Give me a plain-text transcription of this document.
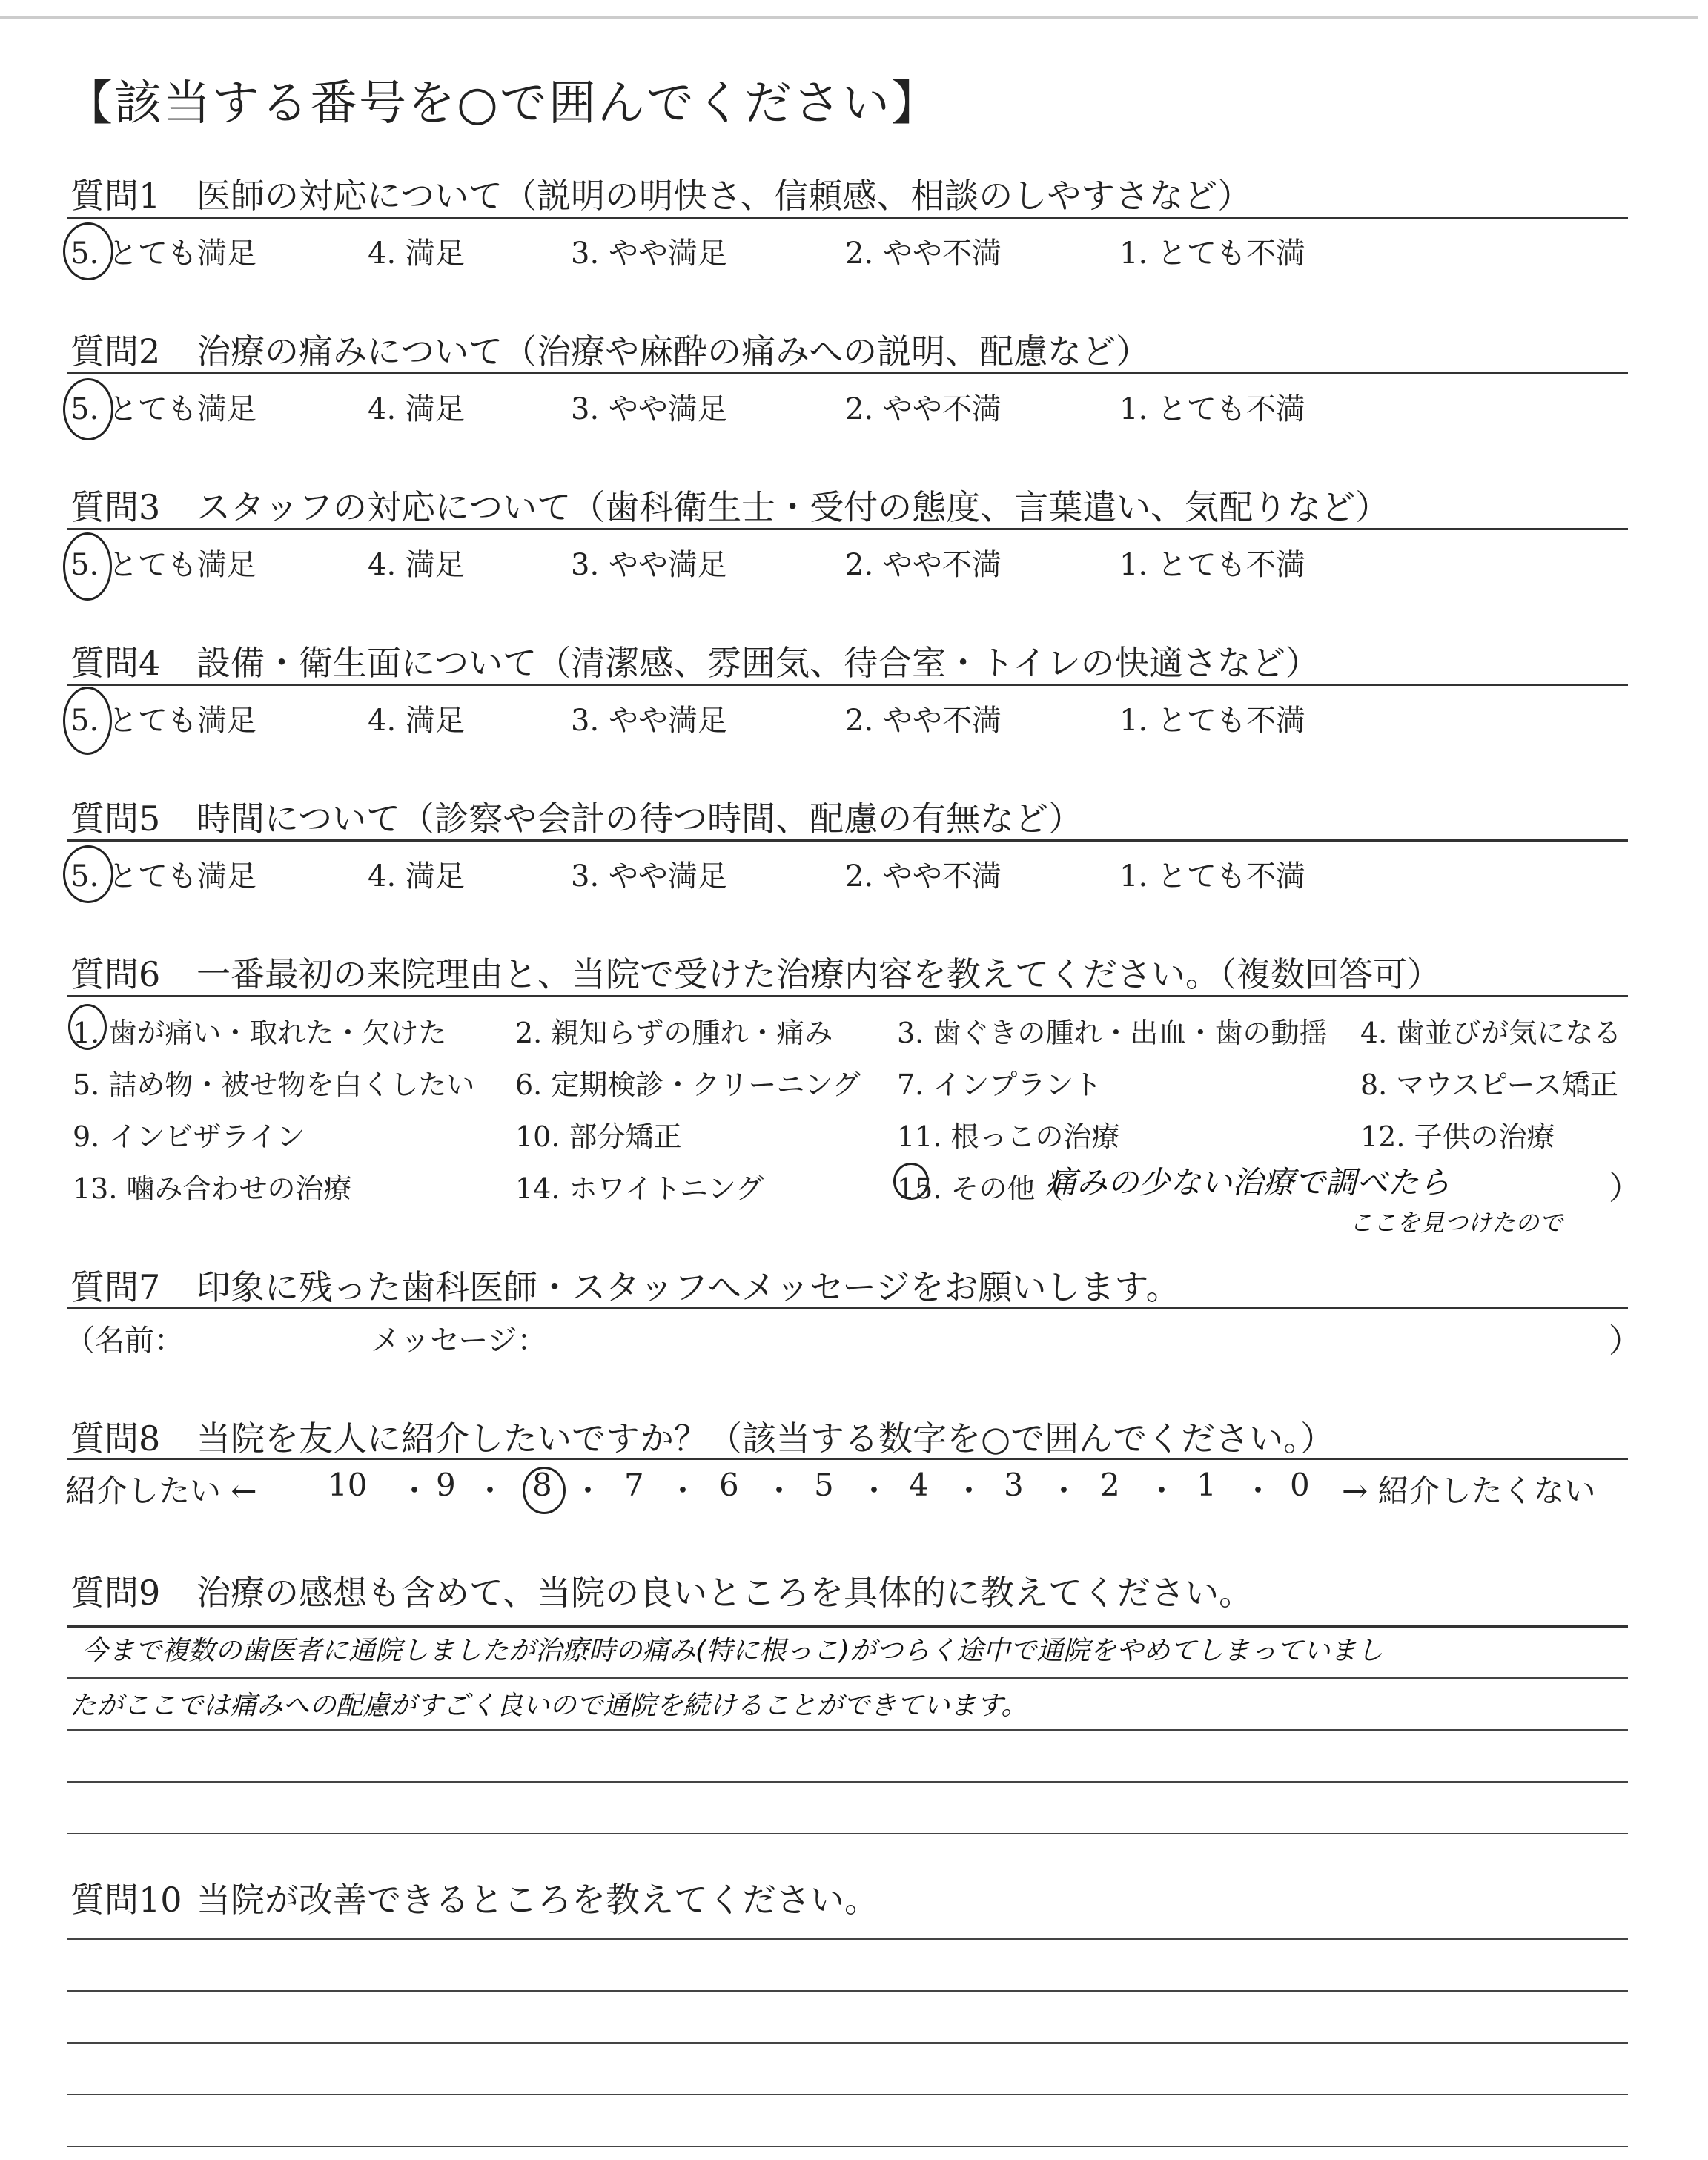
【該当する番号を○で囲んでください】
質問1 医師の対応について（説明の明快さ、信頼感、相談のしやすさなど）
5. とても満足	4. 満足	3. やや満足	2. やや不満	1. とても不満
質問2 治療の痛みについて（治療や麻酔の痛みへの説明、配慮など）
5. とても満足	4. 満足	3. やや満足	2. やや不満	1. とても不満
質問3 スタッフの対応について（歯科衛生士・受付の態度、言葉遣い、気配りなど）
5. とても満足	4. 満足	3. やや満足	2. やや不満	1. とても不満
質問4 設備・衛生面について（清潔感、雰囲気、待合室・トイレの快適さなど）
5. とても満足	4. 満足	3. やや満足	2. やや不満	1. とても不満
質問5 時間について（診察や会計の待つ時間、配慮の有無など）
5. とても満足	4. 満足	3. やや満足	2. やや不満	1. とても不満
質問6 一番最初の来院理由と、当院で受けた治療内容を教えてください。（複数回答可）
1. 歯が痛い・取れた・欠けた 2. 親知らずの腫れ・痛み 3. 歯ぐきの腫れ・出血・歯の動揺 4. 歯並びが気になる
5. 詰め物・被せ物を白くしたい 6. 定期検診・クリーニング 7. インプラント	8. マウスピース矯正
9. インビザライン	10. 部分矯正	11. 根っこの治療	12. 子供の治療
13. 噛み合わせの治療	14. ホワイトニング	15. その他（
痛みの少ない治療で調べたら
ここを見つけたので
）
質問7 印象に残った歯科医師・スタッフへメッセージをお願いします。
（名前：	メッセージ：	）
質問8 当院を友人に紹介したいですか？（該当する数字を○で囲んでください。）
紹介したい ← 10 ・ 9 ・ 8 ・ 7 ・ 6 ・ 5 ・ 4 ・ 3 ・ 2 ・ 1 ・ 0 → 紹介したくない
質問9 治療の感想も含めて、当院の良いところを具体的に教えてください。
今まで複数の歯医者に通院しましたが治療時の痛み(特に根っこ)がつらく途中で通院をやめてしまっていまし
たがここでは痛みへの配慮がすごく良いので通院を続けることができています。
質問10 当院が改善できるところを教えてください。
